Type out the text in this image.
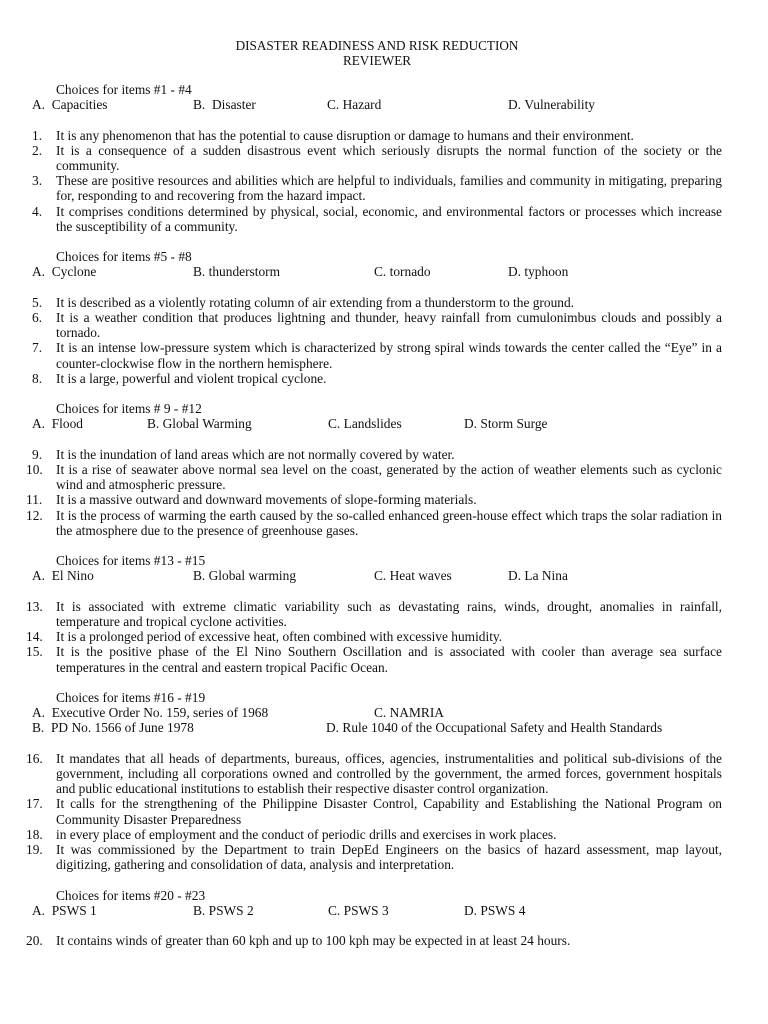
DISASTER READINESS AND RISK REDUCTION
REVIEWER
Choices for items #1 - #4
A. Capacities	B. Disaster	C. Hazard	D. Vulnerability
1.	It is any phenomenon that has the potential to cause disruption or damage to humans and their environment.
2.	It is a consequence of a sudden disastrous event which seriously disrupts the normal function of the society or the community.
3.	These are positive resources and abilities which are helpful to individuals, families and community in mitigating, preparing for, responding to and recovering from the hazard impact.
4.	It comprises conditions determined by physical, social, economic, and environmental factors or processes which increase the susceptibility of a community.
Choices for items #5 - #8
A. Cyclone	B. thunderstorm	C. tornado	D. typhoon
5.	It is described as a violently rotating column of air extending from a thunderstorm to the ground.
6.	It is a weather condition that produces lightning and thunder, heavy rainfall from cumulonimbus clouds and possibly a tornado.
7.	It is an intense low-pressure system which is characterized by strong spiral winds towards the center called the “Eye” in a counter-clockwise flow in the northern hemisphere.
8.	It is a large, powerful and violent tropical cyclone.
Choices for items # 9 - #12
A. Flood	B. Global Warming	C. Landslides	D. Storm Surge
9.	It is the inundation of land areas which are not normally covered by water.
10. It is a rise of seawater above normal sea level on the coast, generated by the action of weather elements such as cyclonic wind and atmospheric pressure.
11.	It is a massive outward and downward movements of slope-forming materials.
12. It is the process of warming the earth caused by the so-called enhanced green-house effect which traps the solar radiation in the atmosphere due to the presence of greenhouse gases.
Choices for items #13 - #15
A. El Nino	B. Global warming	C. Heat waves	D. La Nina
13. It is associated with extreme climatic variability such as devastating rains, winds, drought, anomalies in rainfall, temperature and tropical cyclone activities.
14. It is a prolonged period of excessive heat, often combined with excessive humidity.
15. It is the positive phase of the El Nino Southern Oscillation and is associated with cooler than average sea surface temperatures in the central and eastern tropical Pacific Ocean.
Choices for items #16 - #19
A. Executive Order No. 159, series of 1968	C. NAMRIA
B. PD No. 1566 of June 1978	D. Rule 1040 of the Occupational Safety and Health Standards
16. It mandates that all heads of departments, bureaus, offices, agencies, instrumentalities and political sub-divisions of the government, including all corporations owned and controlled by the government, the armed forces, government hospitals and public educational institutions to establish their respective disaster control organization.
17. It calls for the strengthening of the Philippine Disaster Control, Capability and Establishing the National Program on Community Disaster Preparedness
18. in every place of employment and the conduct of periodic drills and exercises in work places.
19. It was commissioned by the Department to train DepEd Engineers on the basics of hazard assessment, map layout, digitizing, gathering and consolidation of data, analysis and interpretation.
Choices for items #20 - #23
A. PSWS 1	B. PSWS 2	C. PSWS 3	D. PSWS 4
20. It contains winds of greater than 60 kph and up to 100 kph may be expected in at least 24 hours.
